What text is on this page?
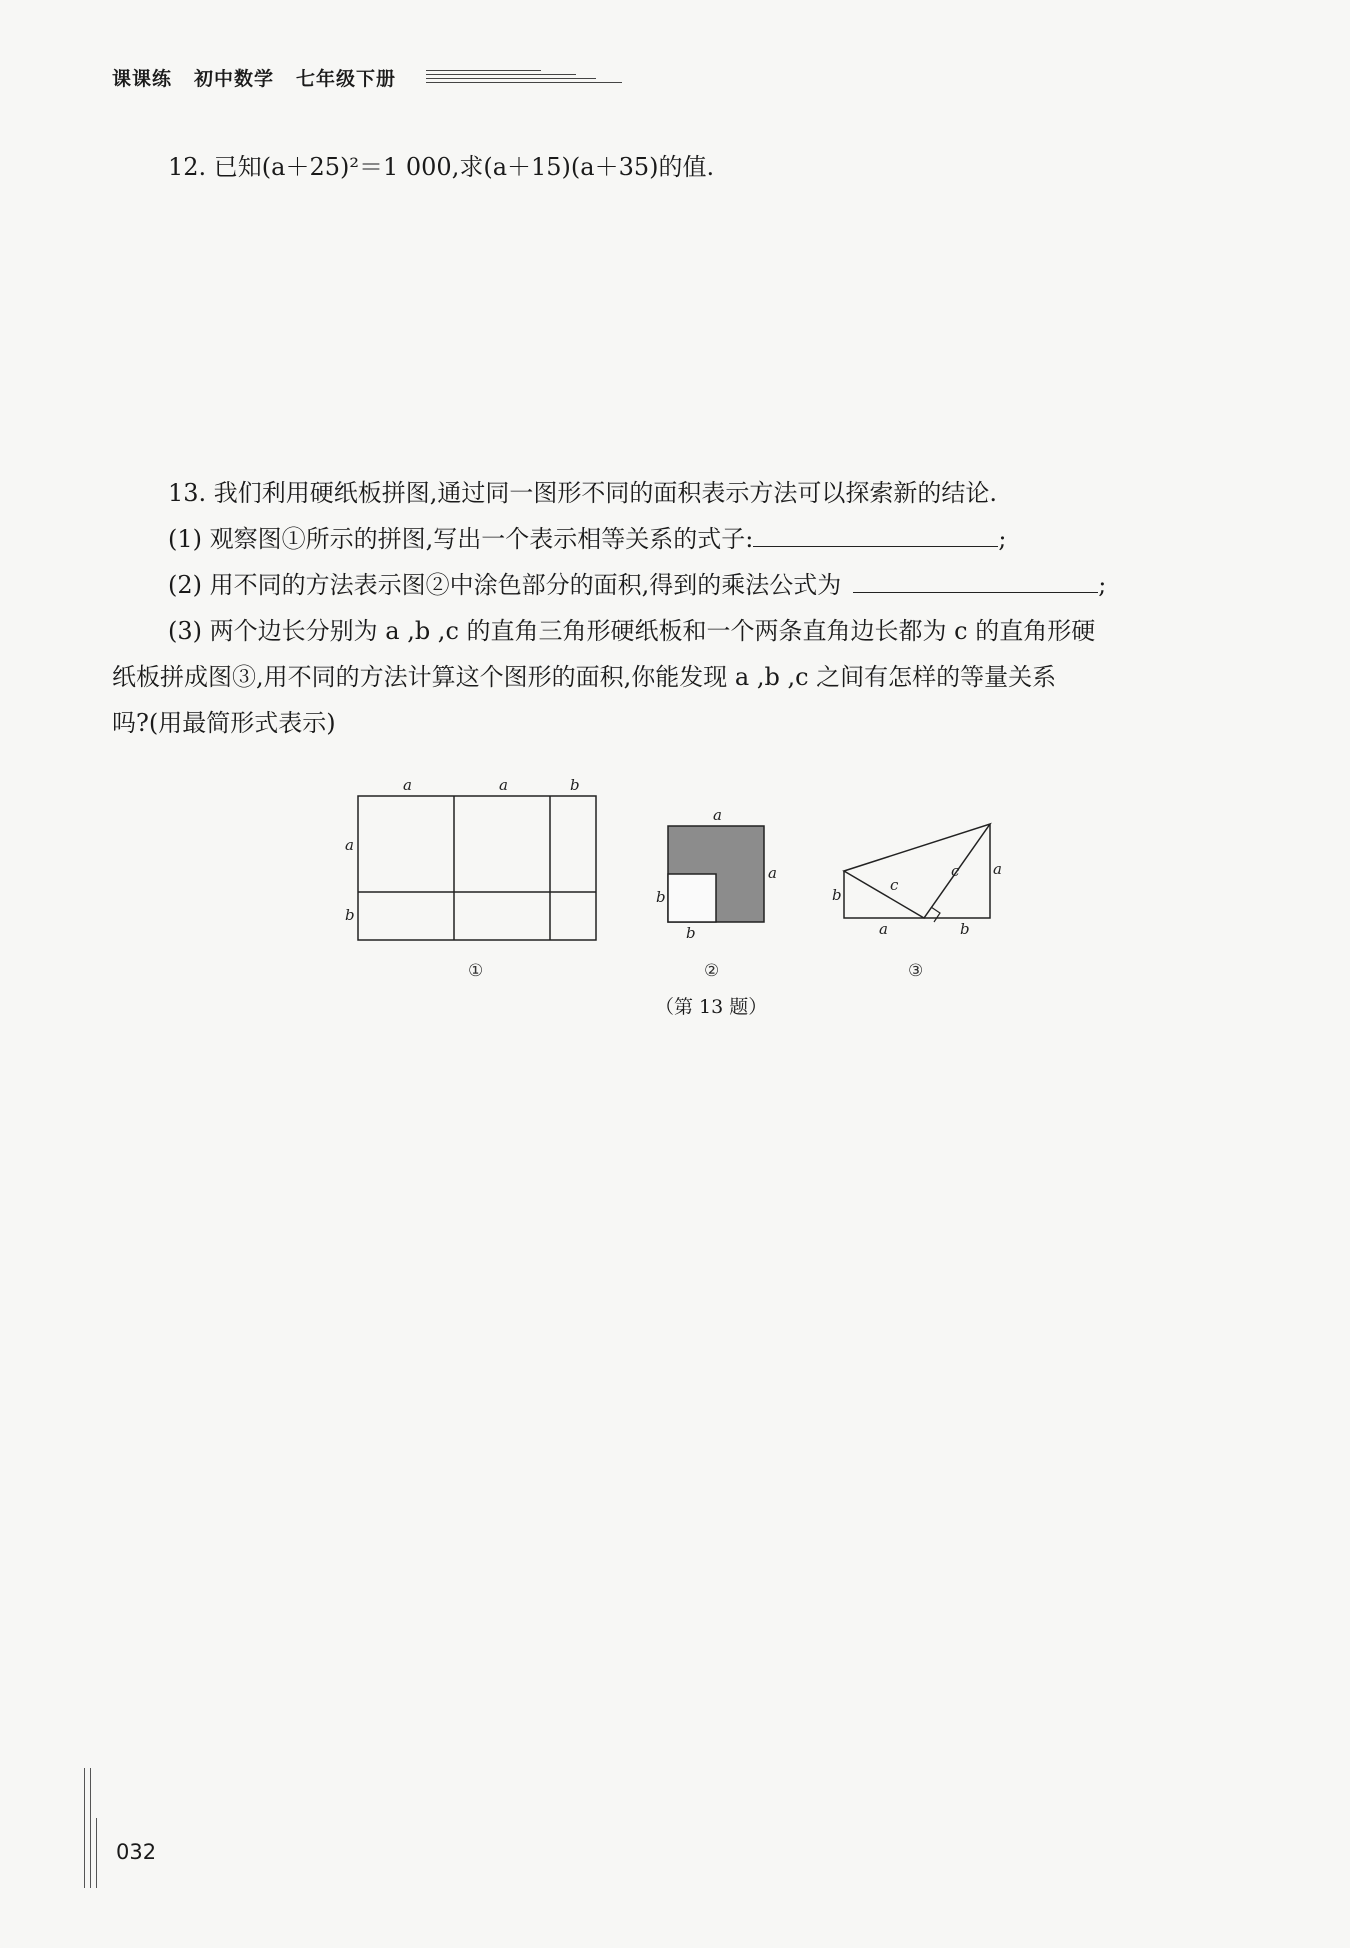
课课练 初中数学 七年级下册
12. 已知(a＋25)²＝1 000,求(a＋15)(a＋35)的值.
13. 我们利用硬纸板拼图,通过同一图形不同的面积表示方法可以探索新的结论.
(1) 观察图①所示的拼图,写出一个表示相等关系的式子:	;
(2) 用不同的方法表示图②中涂色部分的面积,得到的乘法公式为	;
(3) 两个边长分别为 a ,b ,c 的直角三角形硬纸板和一个两条直角边长都为 c 的直角形硬
纸板拼成图③,用不同的方法计算这个图形的面积,你能发现 a ,b ,c 之间有怎样的等量关系
吗?(用最简形式表示)
a	a	b
a
b
①
a
a
b
b
②
b
a	b
a
c
c
③
（第 13 题）
032
